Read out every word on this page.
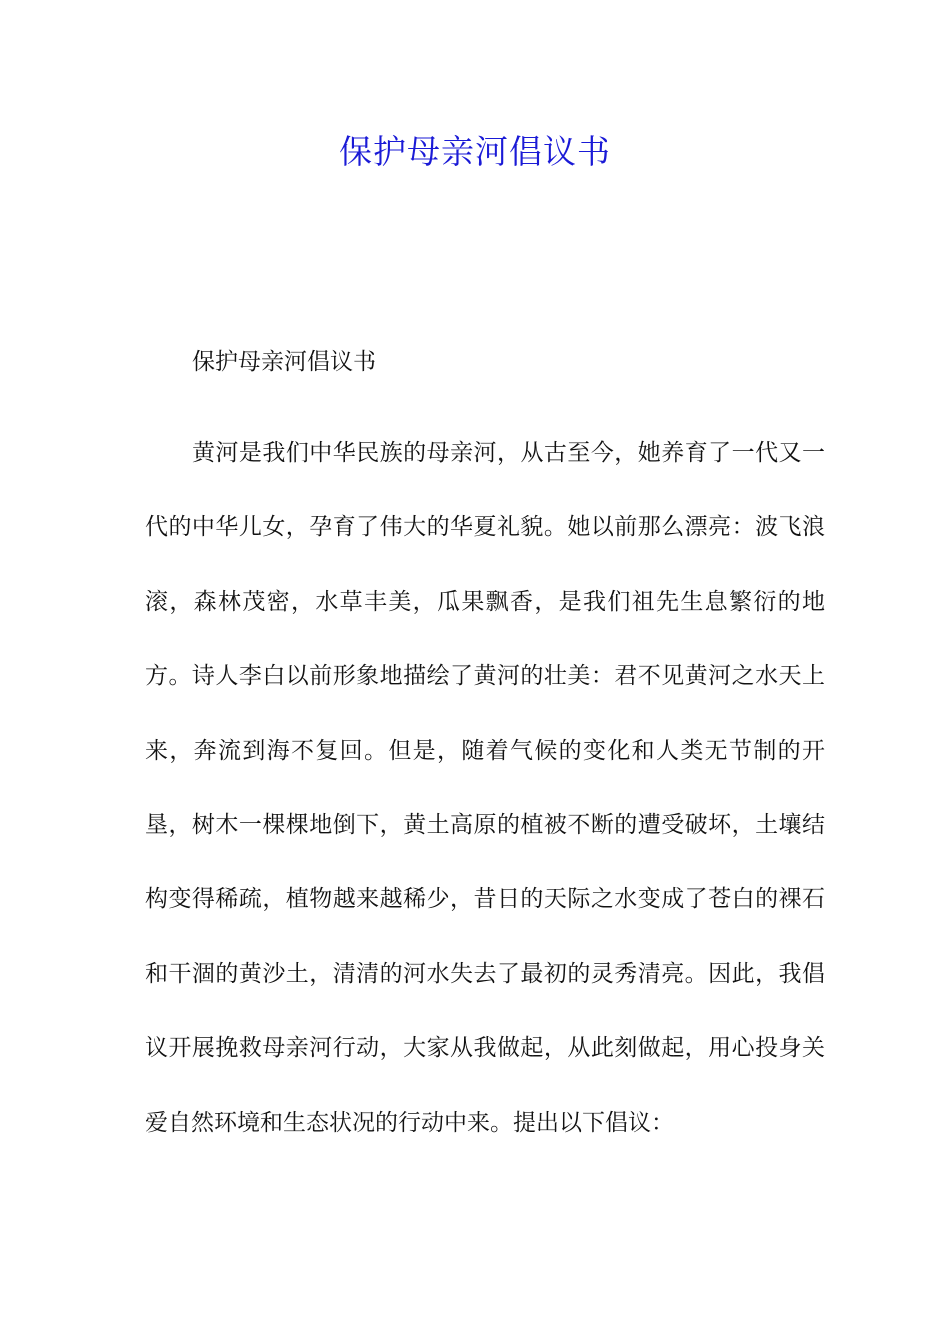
保护母亲河倡议书
保护母亲河倡议书
黄河是我们中华民族的母亲河，从古至今，她养育了一代又一代的中华儿女，孕育了伟大的华夏礼貌。她以前那么漂亮：波飞浪滚，森林茂密，水草丰美，瓜果飘香，是我们祖先生息繁衍的地方。诗人李白以前形象地描绘了黄河的壮美：君不见黄河之水天上来，奔流到海不复回。但是，随着气候的变化和人类无节制的开垦，树木一棵棵地倒下，黄土高原的植被不断的遭受破坏，土壤结构变得稀疏，植物越来越稀少，昔日的天际之水变成了苍白的裸石和干涸的黄沙土，清清的河水失去了最初的灵秀清亮。因此，我倡议开展挽救母亲河行动，大家从我做起，从此刻做起，用心投身关爱自然环境和生态状况的行动中来。提出以下倡议：
